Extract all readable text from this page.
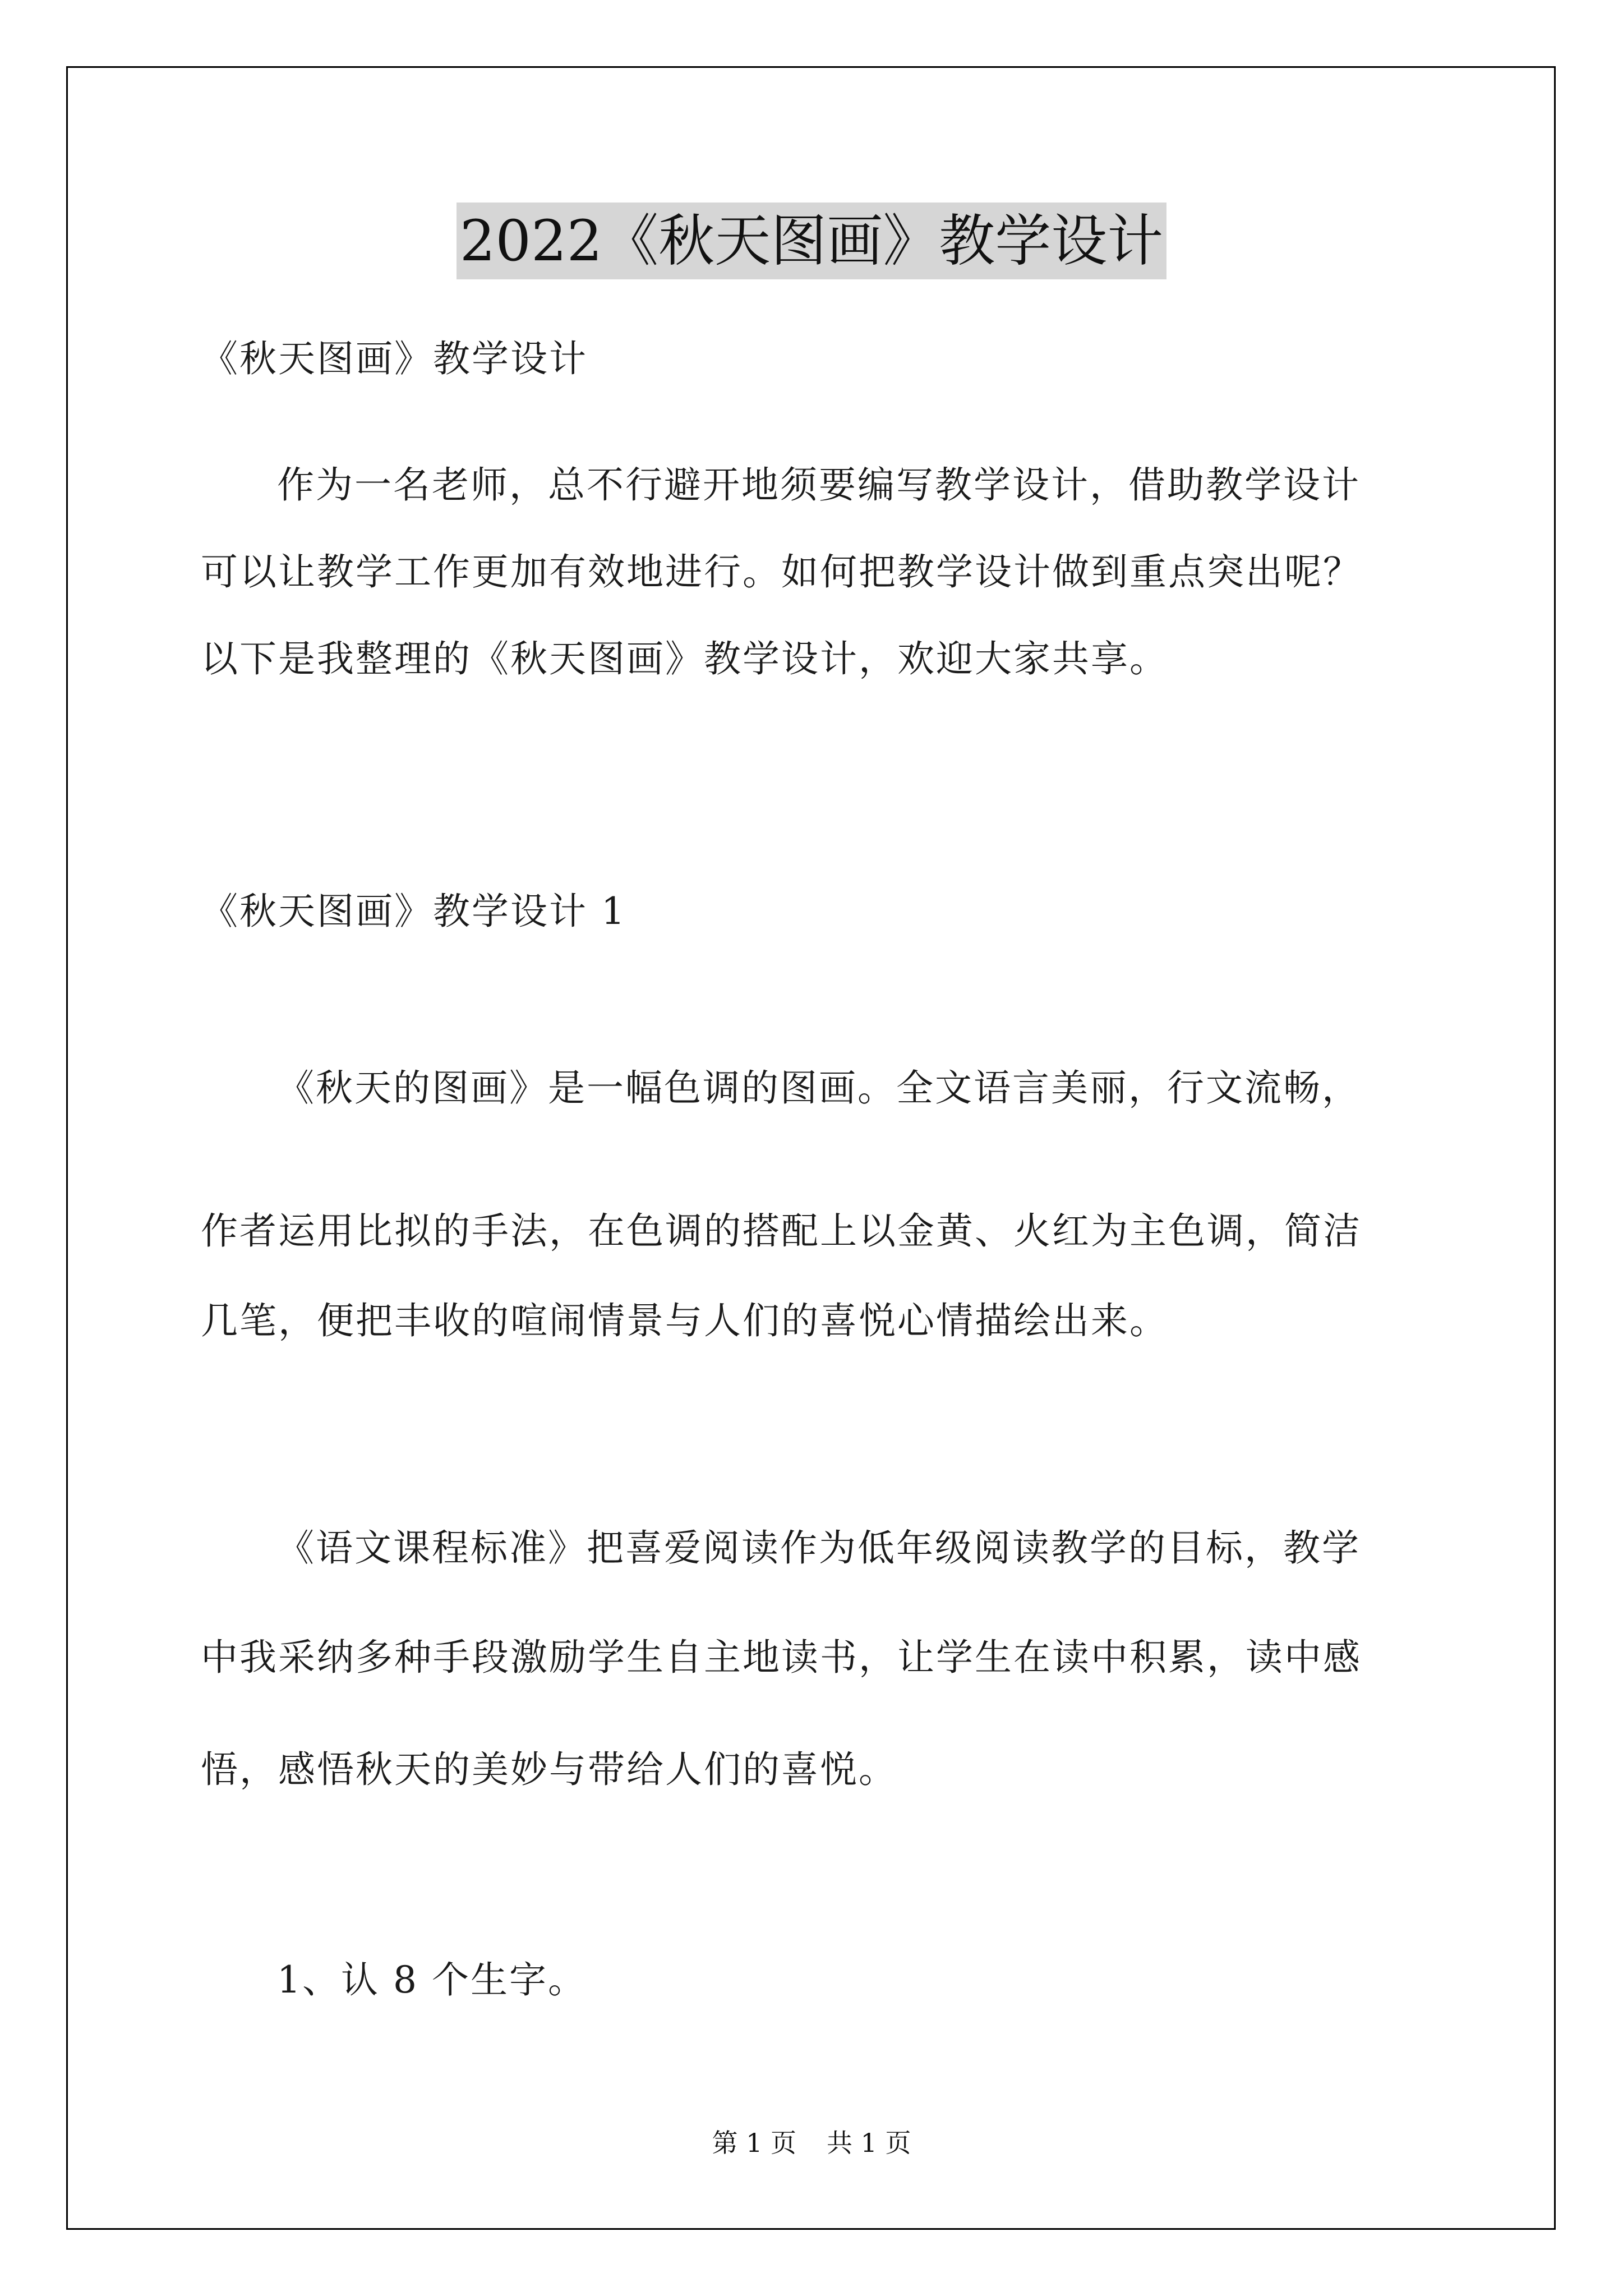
2022《秋天图画》教学设计
《秋天图画》教学设计
作为一名老师，总不行避开地须要编写教学设计，借助教学设计
可以让教学工作更加有效地进行。如何把教学设计做到重点突出呢？
以下是我整理的《秋天图画》教学设计，欢迎大家共享。
《秋天图画》教学设计 1
《秋天的图画》是一幅色调的图画。全文语言美丽，行文流畅，
作者运用比拟的手法，在色调的搭配上以金黄、火红为主色调，简洁
几笔，便把丰收的喧闹情景与人们的喜悦心情描绘出来。
《语文课程标准》把喜爱阅读作为低年级阅读教学的目标，教学
中我采纳多种手段激励学生自主地读书，让学生在读中积累，读中感
悟，感悟秋天的美妙与带给人们的喜悦。
1、认 8 个生字。
第 1 页 共 1 页
